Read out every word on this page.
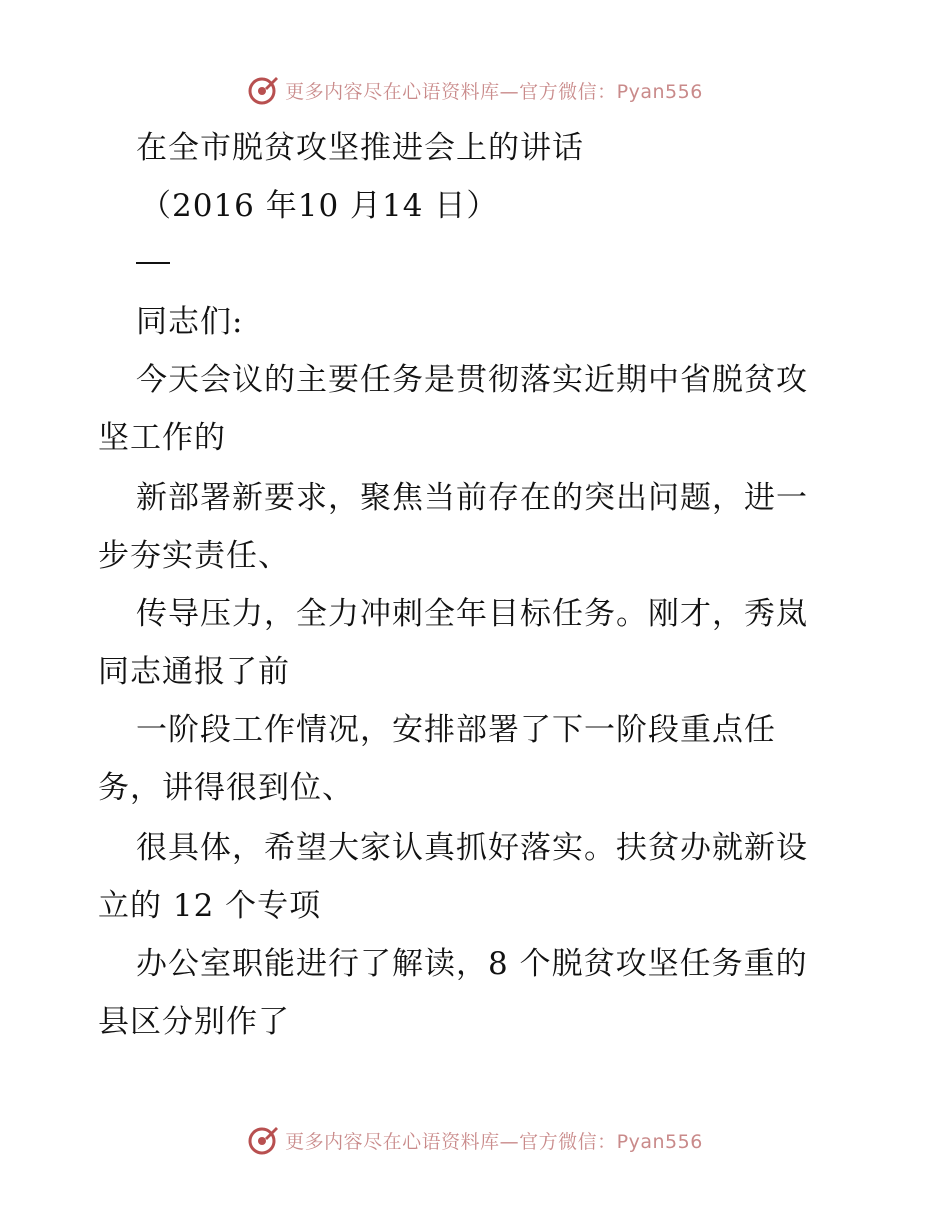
更多内容尽在心语资料库—官方微信：Pyan556
在全市脱贫攻坚推进会上的讲话
（2016 年10 月14 日）
同志们:
今天会议的主要任务是贯彻落实近期中省脱贫攻
坚工作的
新部署新要求，聚焦当前存在的突出问题，进一
步夯实责任、
传导压力，全力冲刺全年目标任务。刚才，秀岚
同志通报了前
一阶段工作情况，安排部署了下一阶段重点任
务，讲得很到位、
很具体，希望大家认真抓好落实。扶贫办就新设
立的 12 个专项
办公室职能进行了解读，8 个脱贫攻坚任务重的
县区分别作了
更多内容尽在心语资料库—官方微信：Pyan556
